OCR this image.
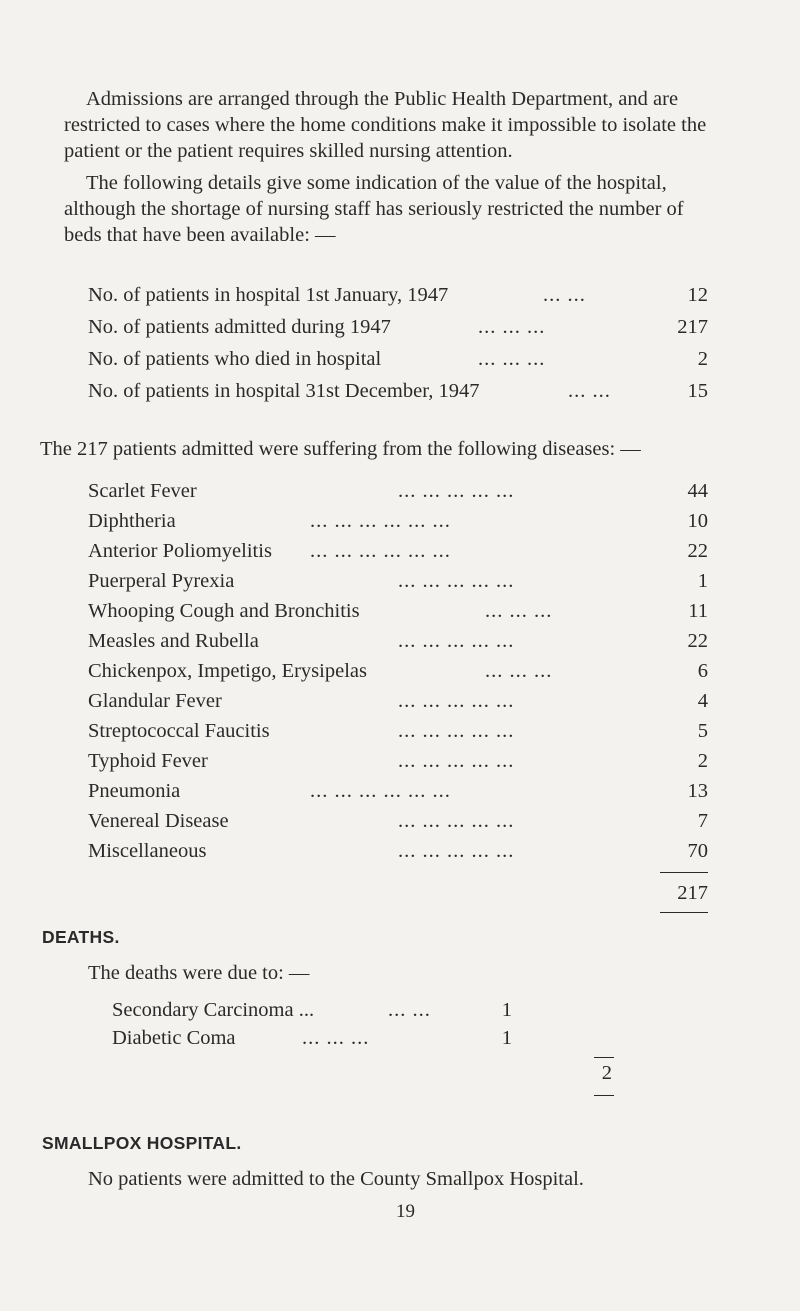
Admissions are arranged through the Public Health Department, and are restricted to cases where the home conditions make it impossible to isolate the patient or the patient requires skilled nursing attention.

The following details give some indication of the value of the hospital, although the shortage of nursing staff has seriously restricted the number of beds that have been available: —

No. of patients in hospital 1st January, 1947	... ...	12
No. of patients admitted during 1947	... ... ...	217
No. of patients who died in hospital	... ... ...	2
No. of patients in hospital 31st December, 1947	... ...	15
The 217 patients admitted were suffering from the following diseases: —
Scarlet Fever	... ... ... ... ...	44
Diphtheria	... ... ... ... ... ...	10
Anterior Poliomyelitis ... ... ... ... ... ...	22
Puerperal Pyrexia	... ... ... ... ...	1
Whooping Cough and Bronchitis	... ... ...	11
Measles and Rubella	... ... ... ... ...	22
Chickenpox, Impetigo, Erysipelas	... ... ...	6
Glandular Fever	... ... ... ... ...	4
Streptococcal Faucitis	... ... ... ... ...	5
Typhoid Fever	... ... ... ... ...	2
Pneumonia	... ... ... ... ... ...	13
Venereal Disease	... ... ... ... ...	7
Miscellaneous	... ... ... ... ...	70
217
DEATHS.
The deaths were due to: —
Secondary Carcinoma ...	... ...	1
Diabetic Coma	... ... ...	1
2
SMALLPOX HOSPITAL.
No patients were admitted to the County Smallpox Hospital.
19
